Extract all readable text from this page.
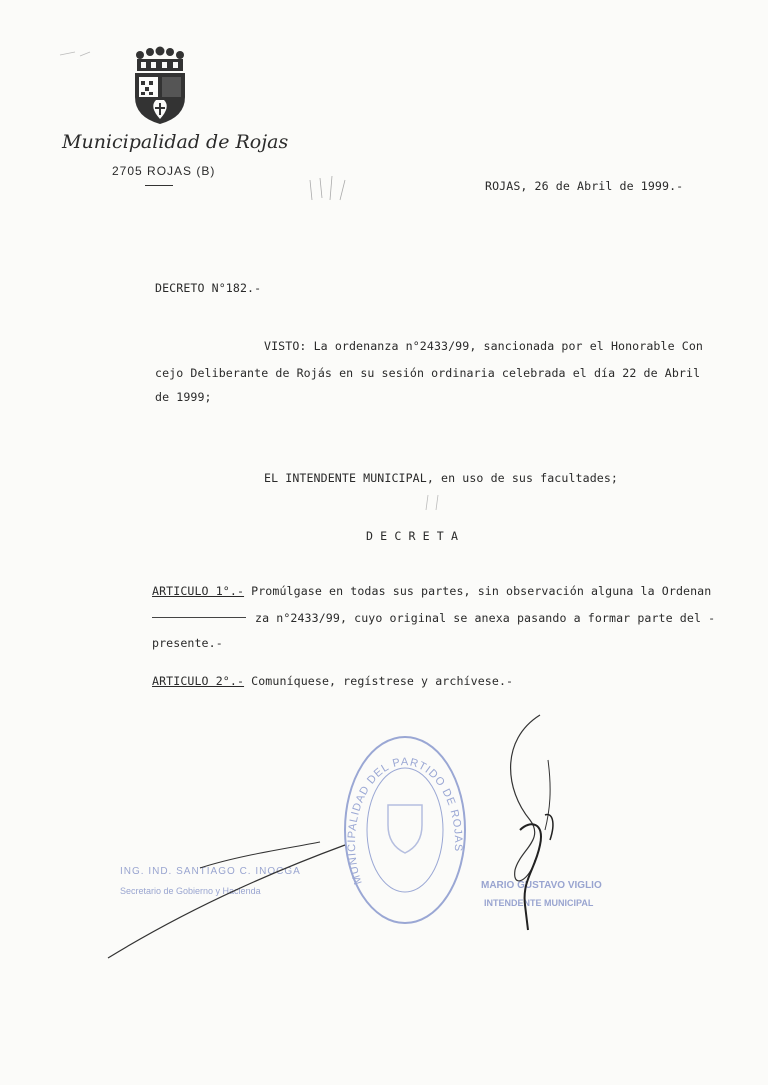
Municipalidad de Rojas
2705 ROJAS (B)
ROJAS, 26 de Abril de 1999.-
DECRETO N°182.-
VISTO: La ordenanza n°2433/99, sancionada por el Honorable Con
cejo Deliberante de Rojás en su sesión ordinaria celebrada el día 22 de Abril
de 1999;
EL INTENDENTE MUNICIPAL, en uso de sus facultades;
D E C R E T A
ARTICULO 1°.- Promúlgase en todas sus partes, sin observación alguna la Ordenan
za n°2433/99, cuyo original se anexa pasando a formar parte del -
presente.-
ARTICULO 2°.- Comuníquese, regístrese y archívese.-
MUNICIPALIDAD DEL PARTIDO DE ROJAS
ING. IND. SANTIAGO C. INOCGA
Secretario de Gobierno y Hacienda	MARIO GUSTAVO VIGLIO
INTENDENTE MUNICIPAL
